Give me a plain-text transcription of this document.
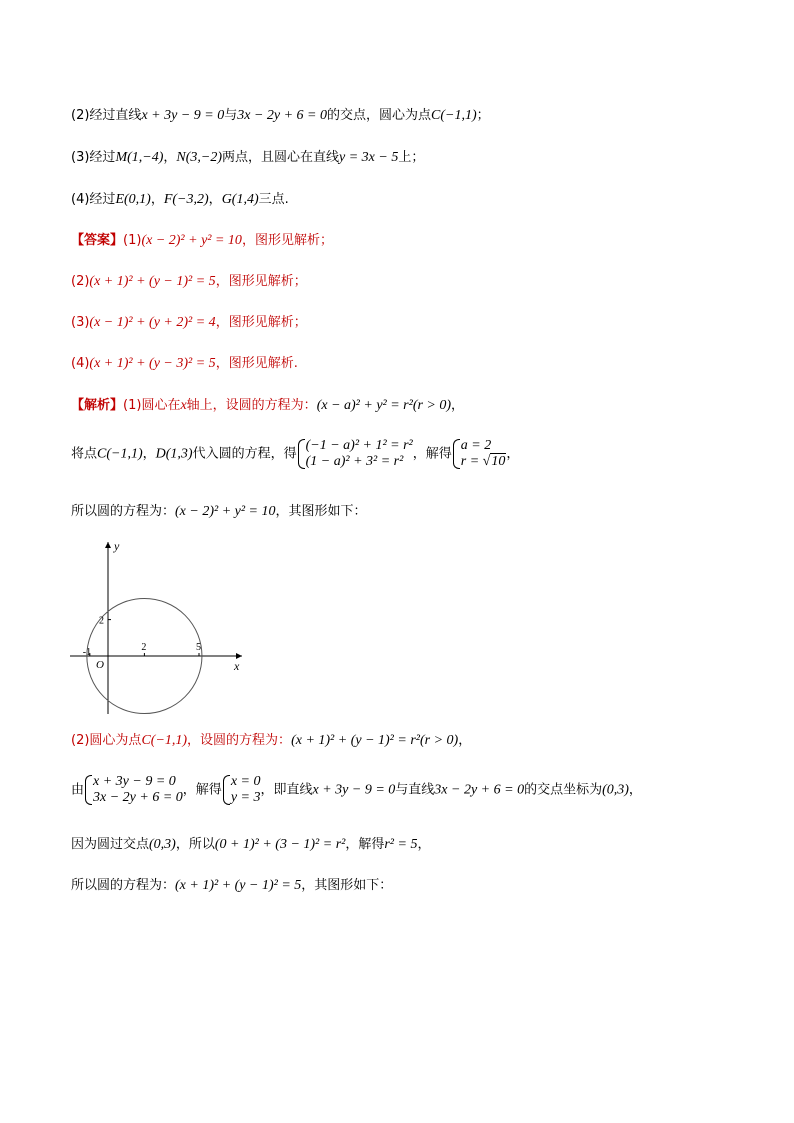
(2)经过直线x + 3y − 9 = 0与3x − 2y + 6 = 0的交点，圆心为点C(−1,1)；
(3)经过M(1,−4)，N(3,−2)两点，且圆心在直线y = 3x − 5上；
(4)经过E(0,1)，F(−3,2)，G(1,4)三点.
【答案】(1)(x − 2)² + y² = 10，图形见解析；
(2)(x + 1)² + (y − 1)² = 5，图形见解析；
(3)(x − 1)² + (y + 2)² = 4，图形见解析；
(4)(x + 1)² + (y − 3)² = 5，图形见解析.
【解析】(1)圆心在x轴上，设圆的方程为：(x − a)² + y² = r²(r > 0)，
将点C(−1,1)，D(1,3)代入圆的方程，得
(−1 − a)² + 1² = r²
(1 − a)² + 3² = r² ，解得
a = 2
r = √10 ，
所以圆的方程为：(x − 2)² + y² = 10，其图形如下：
x
y
O
-1	2	5
2
(2)圆心为点C(−1,1)，设圆的方程为：(x + 1)² + (y − 1)² = r²(r > 0)，
由
x + 3y − 9 = 0
3x − 2y + 6 = 0 ，解得
x = 0
y = 3 ，即直线x + 3y − 9 = 0与直线3x − 2y + 6 = 0的交点坐标为(0,3)，
因为圆过交点(0,3)，所以(0 + 1)² + (3 − 1)² = r²，解得r² = 5，
所以圆的方程为：(x + 1)² + (y − 1)² = 5，其图形如下：
